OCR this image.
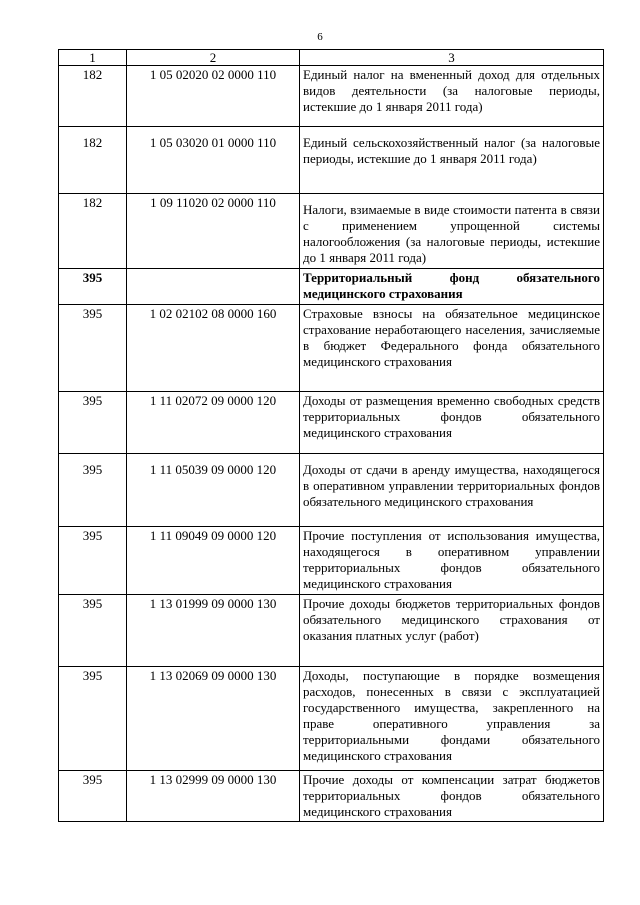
6
1	2	3
182	1 05 02020 02 0000 110	Единый налог на вмененный доход для отдельных видов деятельности (за налоговые периоды, истекшие до 1 января 2011 года)
182	1 05 03020 01 0000 110	Единый сельскохозяйственный налог (за налоговые периоды, истекшие до 1 января 2011 года)
182	1 09 11020 02 0000 110	Налоги, взимаемые в виде стоимости патента в связи с применением упрощенной системы налогообложения (за налоговые периоды, истекшие до 1 января 2011 года)
395		Территориальный фонд обязательного медицинского страхования
395	1 02 02102 08 0000 160	Страховые взносы на обязательное медицинское страхование неработающего населения, зачисляемые в бюджет Федерального фонда обязательного медицинского страхования
395	1 11 02072 09 0000 120	Доходы от размещения временно свободных средств территориальных фондов обязательного медицинского страхования
395	1 11 05039 09 0000 120	Доходы от сдачи в аренду имущества, находящегося в оперативном управлении территориальных фондов обязательного медицинского страхования
395	1 11 09049 09 0000 120	Прочие поступления от использования имущества, находящегося в оперативном управлении территориальных фондов обязательного медицинского страхования
395	1 13 01999 09 0000 130	Прочие доходы бюджетов территориальных фондов обязательного медицинского страхования от оказания платных услуг (работ)
395	1 13 02069 09 0000 130	Доходы, поступающие в порядке возмещения расходов, понесенных в связи с эксплуатацией государственного имущества, закрепленного на праве оперативного управления за территориальными фондами обязательного медицинского страхования
395	1 13 02999 09 0000 130	Прочие доходы от компенсации затрат бюджетов территориальных фондов обязательного медицинского страхования
